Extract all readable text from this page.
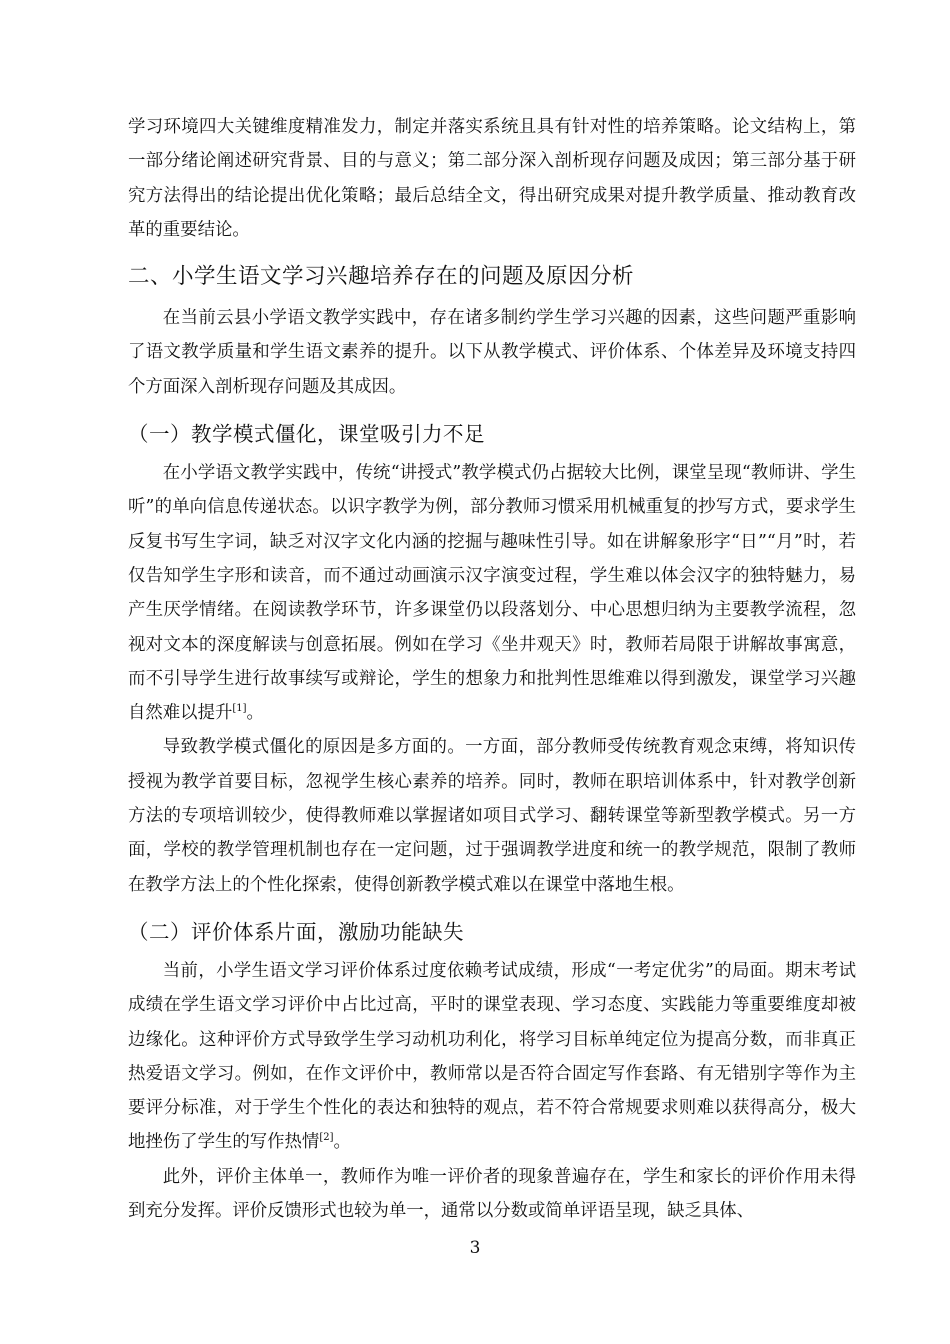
学习环境四大关键维度精准发力，制定并落实系统且具有针对性的培养策略。论文结构上，第一部分绪论阐述研究背景、目的与意义；第二部分深入剖析现存问题及成因；第三部分基于研究方法得出的结论提出优化策略；最后总结全文，得出研究成果对提升教学质量、推动教育改革的重要结论。

二、小学生语文学习兴趣培养存在的问题及原因分析

在当前云县小学语文教学实践中，存在诸多制约学生学习兴趣的因素，这些问题严重影响了语文教学质量和学生语文素养的提升。以下从教学模式、评价体系、个体差异及环境支持四个方面深入剖析现存问题及其成因。

（一）教学模式僵化，课堂吸引力不足

在小学语文教学实践中，传统“讲授式”教学模式仍占据较大比例，课堂呈现“教师讲、学生听”的单向信息传递状态。以识字教学为例，部分教师习惯采用机械重复的抄写方式，要求学生反复书写生字词，缺乏对汉字文化内涵的挖掘与趣味性引导。如在讲解象形字“日”“月”时，若仅告知学生字形和读音，而不通过动画演示汉字演变过程，学生难以体会汉字的独特魅力，易产生厌学情绪。在阅读教学环节，许多课堂仍以段落划分、中心思想归纳为主要教学流程，忽视对文本的深度解读与创意拓展。例如在学习《坐井观天》时，教师若局限于讲解故事寓意，而不引导学生进行故事续写或辩论，学生的想象力和批判性思维难以得到激发，课堂学习兴趣自然难以提升[1]。

导致教学模式僵化的原因是多方面的。一方面，部分教师受传统教育观念束缚，将知识传授视为教学首要目标，忽视学生核心素养的培养。同时，教师在职培训体系中，针对教学创新方法的专项培训较少，使得教师难以掌握诸如项目式学习、翻转课堂等新型教学模式。另一方面，学校的教学管理机制也存在一定问题，过于强调教学进度和统一的教学规范，限制了教师在教学方法上的个性化探索，使得创新教学模式难以在课堂中落地生根。

（二）评价体系片面，激励功能缺失

当前，小学生语文学习评价体系过度依赖考试成绩，形成“一考定优劣”的局面。期末考试成绩在学生语文学习评价中占比过高，平时的课堂表现、学习态度、实践能力等重要维度却被边缘化。这种评价方式导致学生学习动机功利化，将学习目标单纯定位为提高分数，而非真正热爱语文学习。例如，在作文评价中，教师常以是否符合固定写作套路、有无错别字等作为主要评分标准，对于学生个性化的表达和独特的观点，若不符合常规要求则难以获得高分，极大地挫伤了学生的写作热情[2]。

此外，评价主体单一，教师作为唯一评价者的现象普遍存在，学生和家长的评价作用未得到充分发挥。评价反馈形式也较为单一，通常以分数或简单评语呈现，缺乏具体、

3
